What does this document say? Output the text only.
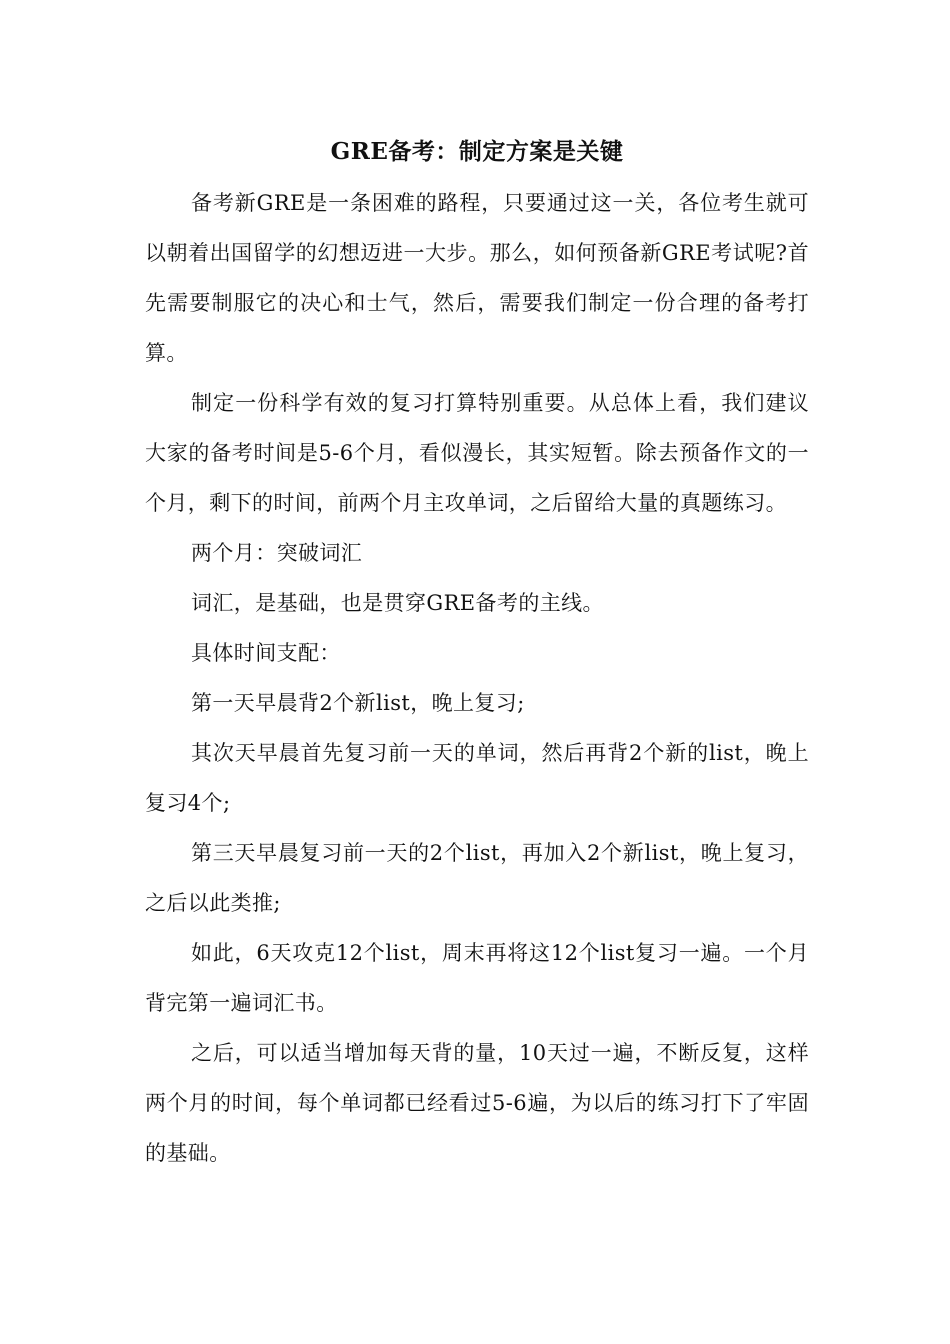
GRE备考：制定方案是关键

备考新GRE是一条困难的路程，只要通过这一关，各位考生就可以朝着出国留学的幻想迈进一大步。那么，如何预备新GRE考试呢?首先需要制服它的决心和士气，然后，需要我们制定一份合理的备考打算。

制定一份科学有效的复习打算特别重要。从总体上看，我们建议大家的备考时间是5-6个月，看似漫长，其实短暂。除去预备作文的一个月，剩下的时间，前两个月主攻单词，之后留给大量的真题练习。

两个月：突破词汇

词汇，是基础，也是贯穿GRE备考的主线。

具体时间支配：

第一天早晨背2个新list，晚上复习;

其次天早晨首先复习前一天的单词，然后再背2个新的list，晚上复习4个;

第三天早晨复习前一天的2个list，再加入2个新list，晚上复习，之后以此类推;

如此，6天攻克12个list，周末再将这12个list复习一遍。一个月背完第一遍词汇书。

之后，可以适当增加每天背的量，10天过一遍，不断反复，这样两个月的时间，每个单词都已经看过5-6遍，为以后的练习打下了牢固的基础。
